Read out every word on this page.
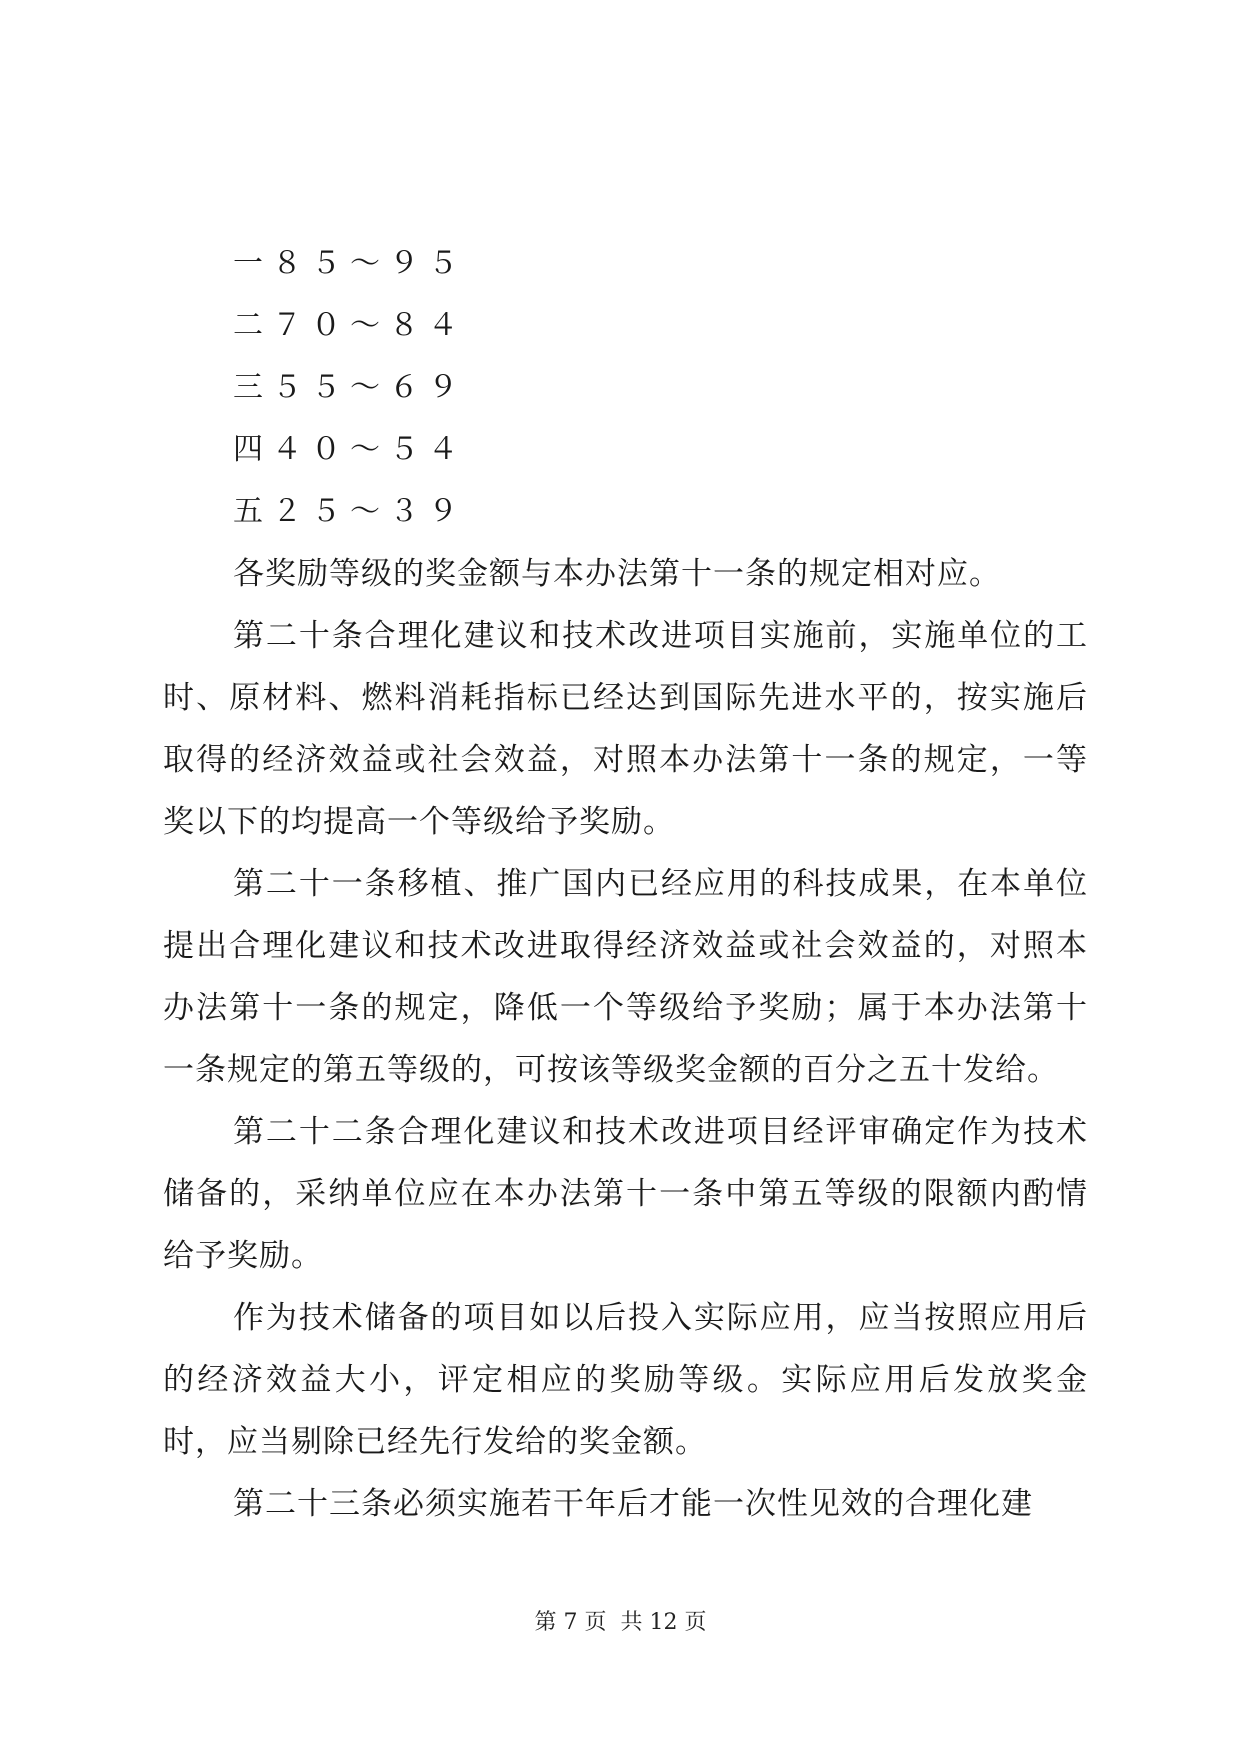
一８５～９５
二７０～８４
三５５～６９
四４０～５４
五２５～３９

各奖励等级的奖金额与本办法第十一条的规定相对应。

第二十条合理化建议和技术改进项目实施前，实施单位的工时、原材料、燃料消耗指标已经达到国际先进水平的，按实施后取得的经济效益或社会效益，对照本办法第十一条的规定，一等奖以下的均提高一个等级给予奖励。

第二十一条移植、推广国内已经应用的科技成果，在本单位提出合理化建议和技术改进取得经济效益或社会效益的，对照本办法第十一条的规定，降低一个等级给予奖励；属于本办法第十一条规定的第五等级的，可按该等级奖金额的百分之五十发给。

第二十二条合理化建议和技术改进项目经评审确定作为技术储备的，采纳单位应在本办法第十一条中第五等级的限额内酌情给予奖励。

作为技术储备的项目如以后投入实际应用，应当按照应用后的经济效益大小，评定相应的奖励等级。实际应用后发放奖金时，应当剔除已经先行发给的奖金额。

第二十三条必须实施若干年后才能一次性见效的合理化建

第 7 页  共 12 页
